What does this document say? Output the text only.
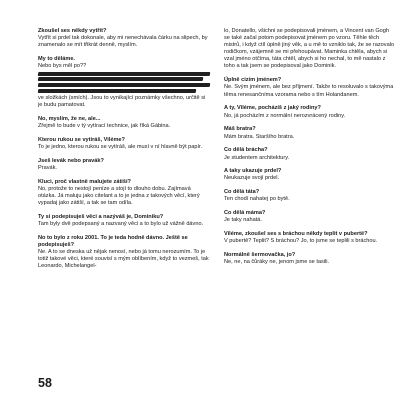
Zkoušel ses někdy vytřít?
Vytřít si prdel tak dokonale, aby mi nenechávala čárku na slipech, by znamenalo se mít třikrát denně, myslím.
My to děláme.
Nebo bys měl po??
ve složkách (smích). Jsou to vyníkající poznámky všechno, určitě si je budu pamatovat.
No, myslím, že ne, ale...
Zřejmě to bude v tý vytírací technice, jak říká Gábina.
Kterou rukou se vytíráš, Viléme?
To je jedno, kterou rukou se vytíráš, ale musí v ní hlavně být papír.
Jseš levák nebo pravák?
Pravák.
Kluci, proč vlastně malujete zátiší?
No, protože to nestojí peníze a stojí to dlouho dobu. Zajímavá otázka. Já maluju jako citelant a to je jedna z takových věcí, který vypadaj jako zátiší, a tak se tam odíla.
Ty si podepisuješ věci a nazýváš je, Dominiku?
Tam byly dvě podepsaný a nazvaný věci a to bylo už vážně dávno.
No to bylo z roku 2001. To je teda hodně dávno. Ještě se podepisuješ?
Ne. A to se dneska už nějak nenosí, nebo já tomu nerozumím. To je totiž takové věci, které souvisí s mým oblíbením, když to vezmeš, tak Leonardo, Michelangel-
lo, Donatello, všichni se podepisovali jménem, a Vincent van Gogh se také začal potom podepisovat jménem po vzoru. Těhle těch mistrů, i když ctíl úplně jiný věk, a u mě to vzniklo tak, že se razovalo rodičkom, vzájemně se mi přehoupávat. Maminka chtěla, abych si vzal jméno otčíma, táta chtěl, abych si ho nechal, to mě nastalo z toho a tak jsem se podepisoval jako Dominik.
Úplně cizím jménem?
Ne. Svým jménem, ale bez příjmení. Takže to resoluvalo s takovýma těma renesančníma vzorama nebo s tím Holandanem.
A ty, Viléme, pocházíš z jaký rodiny?
No, já pocházím z normální nerozvrácený rodiny.
Máš bratra?
Mám bratra. Staršího bratra.
Co dělá brácha?
Je studentem architektury.
A taky ukazuje prdel?
Neukazuje svojí prdel.
Co dělá táta?
Ten chodí nahatej po bytě.
Co dělá máma?
Je taky nahatá.
Viléme, zkoušel ses s bráchou někdy teplit v pubertě?
V pubertě? Teplit? S bráchou? Jo, to jsme se teplili s bráchou.
Normálně šermovačka, jo?
Ne, ne, na čůráky ne, jenom jsme se tasili.
58
